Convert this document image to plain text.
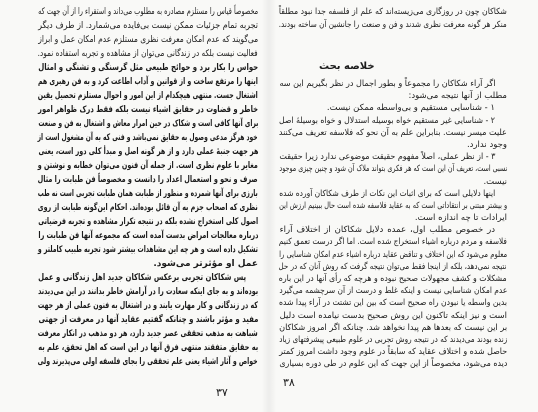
مخصوصاً قیاس را مستلزم مصادره به مطلوب می‌داند و استقراء را از آن جهت که
تجربه تمام جزئیات ممکن نیست بی‌فایده می‌شمارد. از طرف دیگر
می‌گویند که عدم امکان معرفت نظری مستلزم عدم امکان عمل و ابراز
فعالیت نیست بلکه در زندگانی می‌توان از مشاهده و تجربه استفاده نمود.
حواس را بکار برد و حوائج طبیعی مثل گرسنگی و تشنگی و امثال
اینها را مرتفع ساخت و از قوانین و آداب اطاعت کرد و به فن رهبری هم
اشتغال جست. منتهی هیچکدام از این امور و احوال مستلزم تحصیل یقین
خاطر و قضاوت در حقایق اشیاء نیست بلکه فقط درک ظواهر امور
برای آنها کافی است و شکاک در حین امرار معاش و اشتغال به فن و صنعت
خود هرگز مدعی وصول به حقایق نمی‌باشد و فنی که به آن مشغول است از
هر جهت جنبهٔ عملی دارد و از هر گونه اصل و مبدأ کلی دور است، یعنی
مغایر با علوم نظری است. از جمله آن فنون می‌توان خطابه و نوشتن و
صرف و نحو و استعمال اعداد را دانست و مخصوصاً فن طبابت را مثال
بارزی برای آنها شمرده و منظور از طبابت همان طبابت تجربی است نه طب
نظری که اصحاب جزم به آن قائل بوده‌اند. احکام این‌گونه طبابت از روی
اصول کلی استخراج نشده بلکه در نتیجه تکرار مشاهده و تجربه فرضیاتی
درباره معالجات امراض بدست آمده است که مجموعه آنها فن طبابت را
تشکیل داده است و هر چه این مشاهدات بیشتر شود تجربه طبیب کاملتر و
عمل او مؤثرتر می‌شود.
پس شکاکان تجربی برعکس شکاکان جدید اهل زندگانی و عمل
بوده‌اند و به جای اینکه سعادت را در آرامش خاطر بدانند در این می‌دیدند
که در زندگانی و کار مهارت یابند و در اشتغال به فنون عملی از هر جهت
مفید و مؤثر باشند و چنانکه گفتیم عقاید آنها در معرفت از جهتی
شباهت به مذهب تحققی عصر جدید دارد، هر دو مذهب در انکار معرفت
به حقایق متفقند منتهی فرق آنها در این است که اهل تحقق، علم به
خواص و آثار اشیاء یعنی علم تحققی را بجای فلسفه اولی می‌پذیرند ولی
۳۷
شکاکان چون در روزگاری می‌زیسته‌اند که علم از فلسفه جدا نبود مطلقاً
منکر هر گونه معرفت نظری شدند و فن و صنعت را جانشین آن ساخته بودند.
خلاصه بحث
اگر آراء شکاکان را مجموعاً و بطور اجمال در نظر بگیریم این سه
مطلب از آنها نتیجه می‌شود:
۱ - شناسایی مستقیم و بی‌واسطه ممکن نیست.
۲ - شناسایی غیر مستقیم خواه بوسیله استدلال و خواه بوسیلهٔ اصل
علیت میسر نیست. بنابراین علم به آن نحو که فلاسفه تعریف می‌کنند
وجود ندارد.
۳ - از نظر عملی، اصلاً مفهوم حقیقت موضوعی ندارد زیرا حقیقت
نسبی است، تعریف آن این است که هر فکری بتواند ملاک آن شود و چنین چیزی موجود
نیست.
اینها دلایلی است که برای اثبات این نکات از طرف شکاکان آورده شده
و بیشتر مبتنی بر انتقاداتی است که به عقاید فلاسفه شده است حال ببینیم ارزش این
ایرادات تا چه اندازه است.
در خصوص مطلب اول، عمده دلایل شکاکان از اختلاف آراء
فلاسفه و مردم درباره اشیاء استخراج شده است. اما اگر درست تعمق کنیم
معلوم می‌شود که این اختلاف و تناقض عقاید درباره اشیاء عدم امکان شناسایی را
نتیجه نمی‌دهد، بلکه از اینجا فقط می‌توان نتیجه گرفت که روش آنان که در حل
مشکلات و کشف مجهولات صحیح نبوده و هرچه که رأی آنها در این باره
عدم امکان شناسایی نیست و اینکه غلط و درست از آن سرچشمه می‌گیرد
بدین واسطه یا نبودن راه صحیح است که بین این تشتت در آراء پیدا شده
است و نیز اینکه تاکنون این روش صحیح بدست نیامده است دلیل
بر این نیست که بعدها هم پیدا نخواهد شد. چنانکه اگر امروز شکاکان
زنده بودند می‌دیدند که در نتیجه روش تجربی در علوم طبیعی پیشرفتهای زیاد
حاصل شده و اختلاف عقاید که سابقاً در علوم وجود داشت امروز کمتر
دیده می‌شود، مخصوصاً از این جهت که این علوم در طی دوره بسیاری
۳۸
